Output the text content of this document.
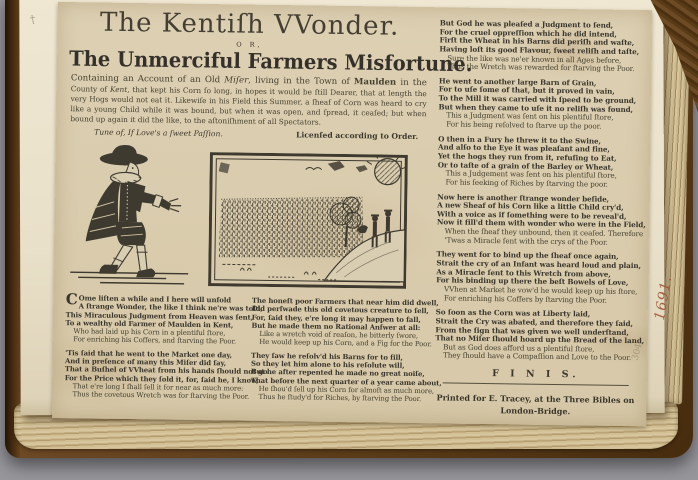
The Kentiſh VVonder.
O R,
The Unmerciful Farmers Misfortune.

Containing an Account of an Old Miſer, living in the Town of Maulden in the County of Kent, that kept his Corn ſo long, in hopes it would be ſtill Dearer, that at length the very Hogs would not eat it. Likewiſe in his Field this Summer, a ſheaf of Corn was heard to cry like a young Child while it was bound, but when it was open, and ſpread, it ceaſed; but when bound up again it did the like, to the aſtoniſhment of all Spectators.

Tune of, If Love's a ſweet Paſſion.	Licenſed according to Order.
COme liſten a while and I here will unfold
A ſtrange Wonder, the like I think ne're was told,
This Miraculous Judgment from Heaven was ſent,
To a wealthy old Farmer of Maulden in Kent,
Who had laid up his Corn in a plentiful ſtore,
For enriching his Coffers, and ſtarving the Poor.
'Tis ſaid that he went to the Market one day,
And in preſence of many this Miſer did ſay,
That a Buſhel of VVheat from his hands ſhould not go
For the Price which they ſold it, for, ſaid he, I know,
That e're long I ſhall ſell it for near as much more:
Thus the covetous Wretch was for ſtarving the Poor.
The honeſt poor Farmers that near him did dwell,
Did perſwade this old covetous creature to ſell,
For, ſaid they, e're long it may happen to fall,
But he made them no Rational Anſwer at all:
Like a wretch void of reaſon, he bitterly ſwore,
He would keep up his Corn, and a Fig for the Poor.
They ſaw he reſolv'd his Barns for to fill,
So they let him alone to his reſolute will,
But he after repented he made no great noiſe,
That before the next quarter of a year came about,
He ſhou'd ſell up his Corn for almoſt as much more,
Thus he ſtudy'd for Riches, by ſtarving the Poor.
But God he was pleaſed a Judgment to ſend,
For the cruel oppreſſion which he did intend,
Firſt the Wheat in his Barns did periſh and waſte,
Having loſt its good Flavour, ſweet reliſh and taſte,
Sure the like was ne'er known in all Ages before,
Thus the Wretch was rewarded for ſtarving the Poor.
He went to another large Barn of Grain,
For to uſe ſome of that, but it proved in vain,
To the Mill it was carried with ſpeed to be ground,
But when they came to uſe it no reliſh was found,
This a Judgment was ſent on his plentiful ſtore,
For his being reſolved to ſtarve up the poor.
O then in a Fury he threw it to the Swine,
And alſo to the Eye it was pleaſant and fine,
Yet the hogs they run from it, refuſing to Eat,
Or to taſte of a grain of the Barley or Wheat,
This a Judgement was ſent on his plentiful ſtore,
For his ſeeking of Riches by ſtarving the poor.
Now here is another ſtrange wonder beſide,
A new Sheaf of his Corn like a little Child cry'd,
With a voice as if ſomething were to be reveal'd,
Now it fill'd them with wonder who were in the Field,
When the ſheaf they unbound, then it ceaſed. Therefore
'Twas a Miracle ſent with the crys of the Poor.
They went for to bind up the ſheaf once again,
Strait the cry of an Infant was heard loud and plain,
As a Miracle ſent to this Wretch from above,
For his binding up there the beſt Bowels of Love,
VVhen at Market he vow'd he would keep up his ſtore,
For enriching his Coffers by ſtarving the Poor.
So ſoon as the Corn was at Liberty laid,
Strait the Cry was abated, and therefore they ſaid,
From the ſign that was given we well underſtand,
That no Miſer ſhould hoard up the Bread of the land,
But as God does afford us a plentiful ſtore,
They ſhould have a Compaſſion and Love to the Poor.
F I N I S.
Printed for E. Tracey, at the Three Bibles on
London-Bridge.
†
1691.
304
